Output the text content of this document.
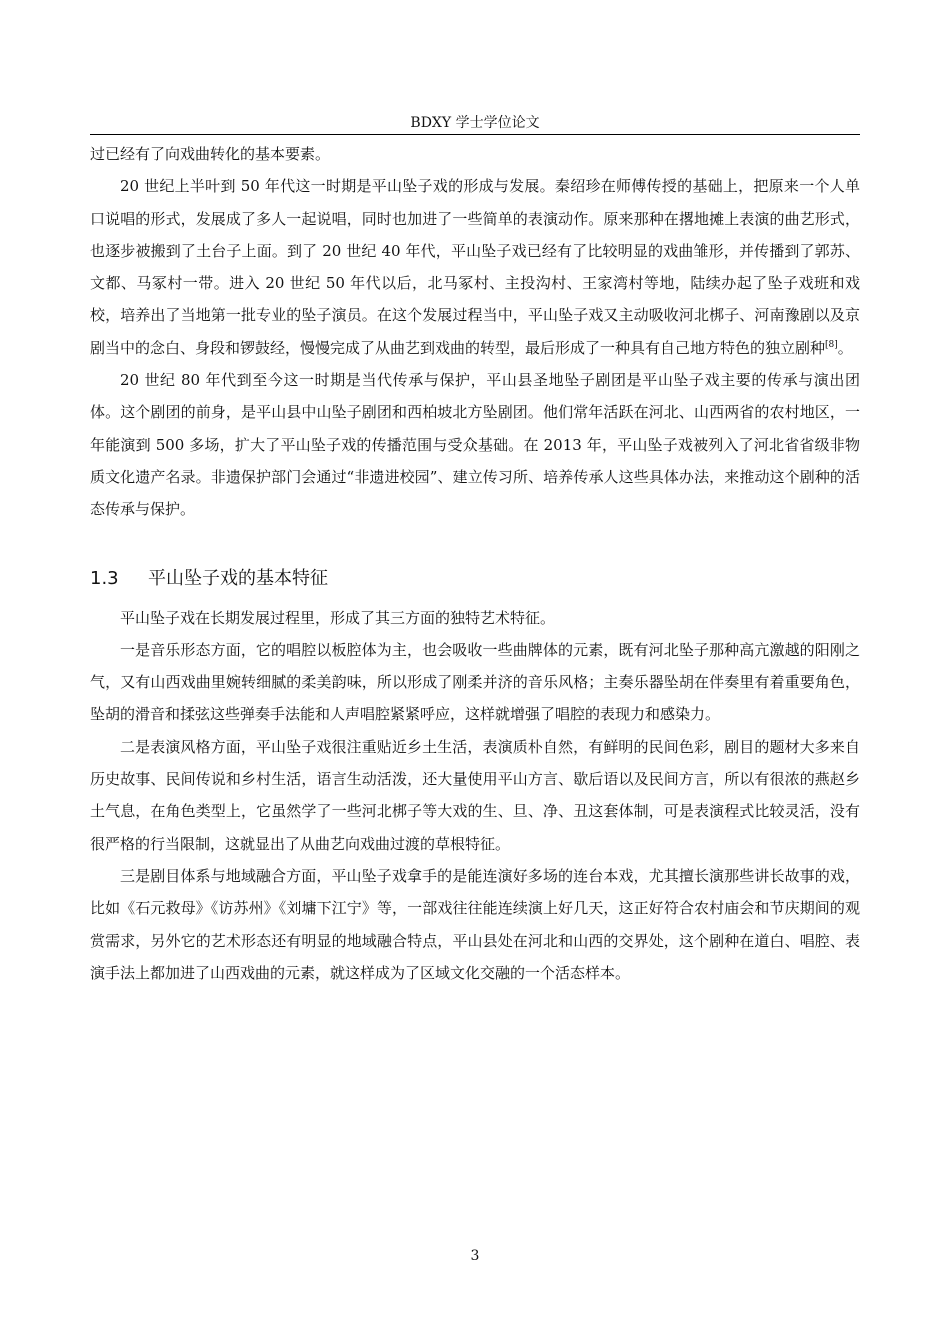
BDXY 学士学位论文

过已经有了向戏曲转化的基本要素。

20 世纪上半叶到 50 年代这一时期是平山坠子戏的形成与发展。秦绍珍在师傅传授的基础上，把原来一个人单口说唱的形式，发展成了多人一起说唱，同时也加进了一些简单的表演动作。原来那种在撂地摊上表演的曲艺形式，也逐步被搬到了土台子上面。到了 20 世纪 40 年代，平山坠子戏已经有了比较明显的戏曲雏形，并传播到了郭苏、文都、马冢村一带。进入 20 世纪 50 年代以后，北马冢村、主投沟村、王家湾村等地，陆续办起了坠子戏班和戏校，培养出了当地第一批专业的坠子演员。在这个发展过程当中，平山坠子戏又主动吸收河北梆子、河南豫剧以及京剧当中的念白、身段和锣鼓经，慢慢完成了从曲艺到戏曲的转型，最后形成了一种具有自己地方特色的独立剧种[8]。

20 世纪 80 年代到至今这一时期是当代传承与保护，平山县圣地坠子剧团是平山坠子戏主要的传承与演出团体。这个剧团的前身，是平山县中山坠子剧团和西柏坡北方坠剧团。他们常年活跃在河北、山西两省的农村地区，一年能演到 500 多场，扩大了平山坠子戏的传播范围与受众基础。在 2013 年，平山坠子戏被列入了河北省省级非物质文化遗产名录。非遗保护部门会通过“非遗进校园”、建立传习所、培养传承人这些具体办法，来推动这个剧种的活态传承与保护。

1.3 平山坠子戏的基本特征

平山坠子戏在长期发展过程里，形成了其三方面的独特艺术特征。

一是音乐形态方面，它的唱腔以板腔体为主，也会吸收一些曲牌体的元素，既有河北坠子那种高亢激越的阳刚之气，又有山西戏曲里婉转细腻的柔美韵味，所以形成了刚柔并济的音乐风格；主奏乐器坠胡在伴奏里有着重要角色，坠胡的滑音和揉弦这些弹奏手法能和人声唱腔紧紧呼应，这样就增强了唱腔的表现力和感染力。

二是表演风格方面，平山坠子戏很注重贴近乡土生活，表演质朴自然，有鲜明的民间色彩，剧目的题材大多来自历史故事、民间传说和乡村生活，语言生动活泼，还大量使用平山方言、歇后语以及民间方言，所以有很浓的燕赵乡土气息，在角色类型上，它虽然学了一些河北梆子等大戏的生、旦、净、丑这套体制，可是表演程式比较灵活，没有很严格的行当限制，这就显出了从曲艺向戏曲过渡的草根特征。

三是剧目体系与地域融合方面，平山坠子戏拿手的是能连演好多场的连台本戏，尤其擅长演那些讲长故事的戏，比如《石元救母》《访苏州》《刘墉下江宁》等，一部戏往往能连续演上好几天，这正好符合农村庙会和节庆期间的观赏需求，另外它的艺术形态还有明显的地域融合特点，平山县处在河北和山西的交界处，这个剧种在道白、唱腔、表演手法上都加进了山西戏曲的元素，就这样成为了区域文化交融的一个活态样本。

3
